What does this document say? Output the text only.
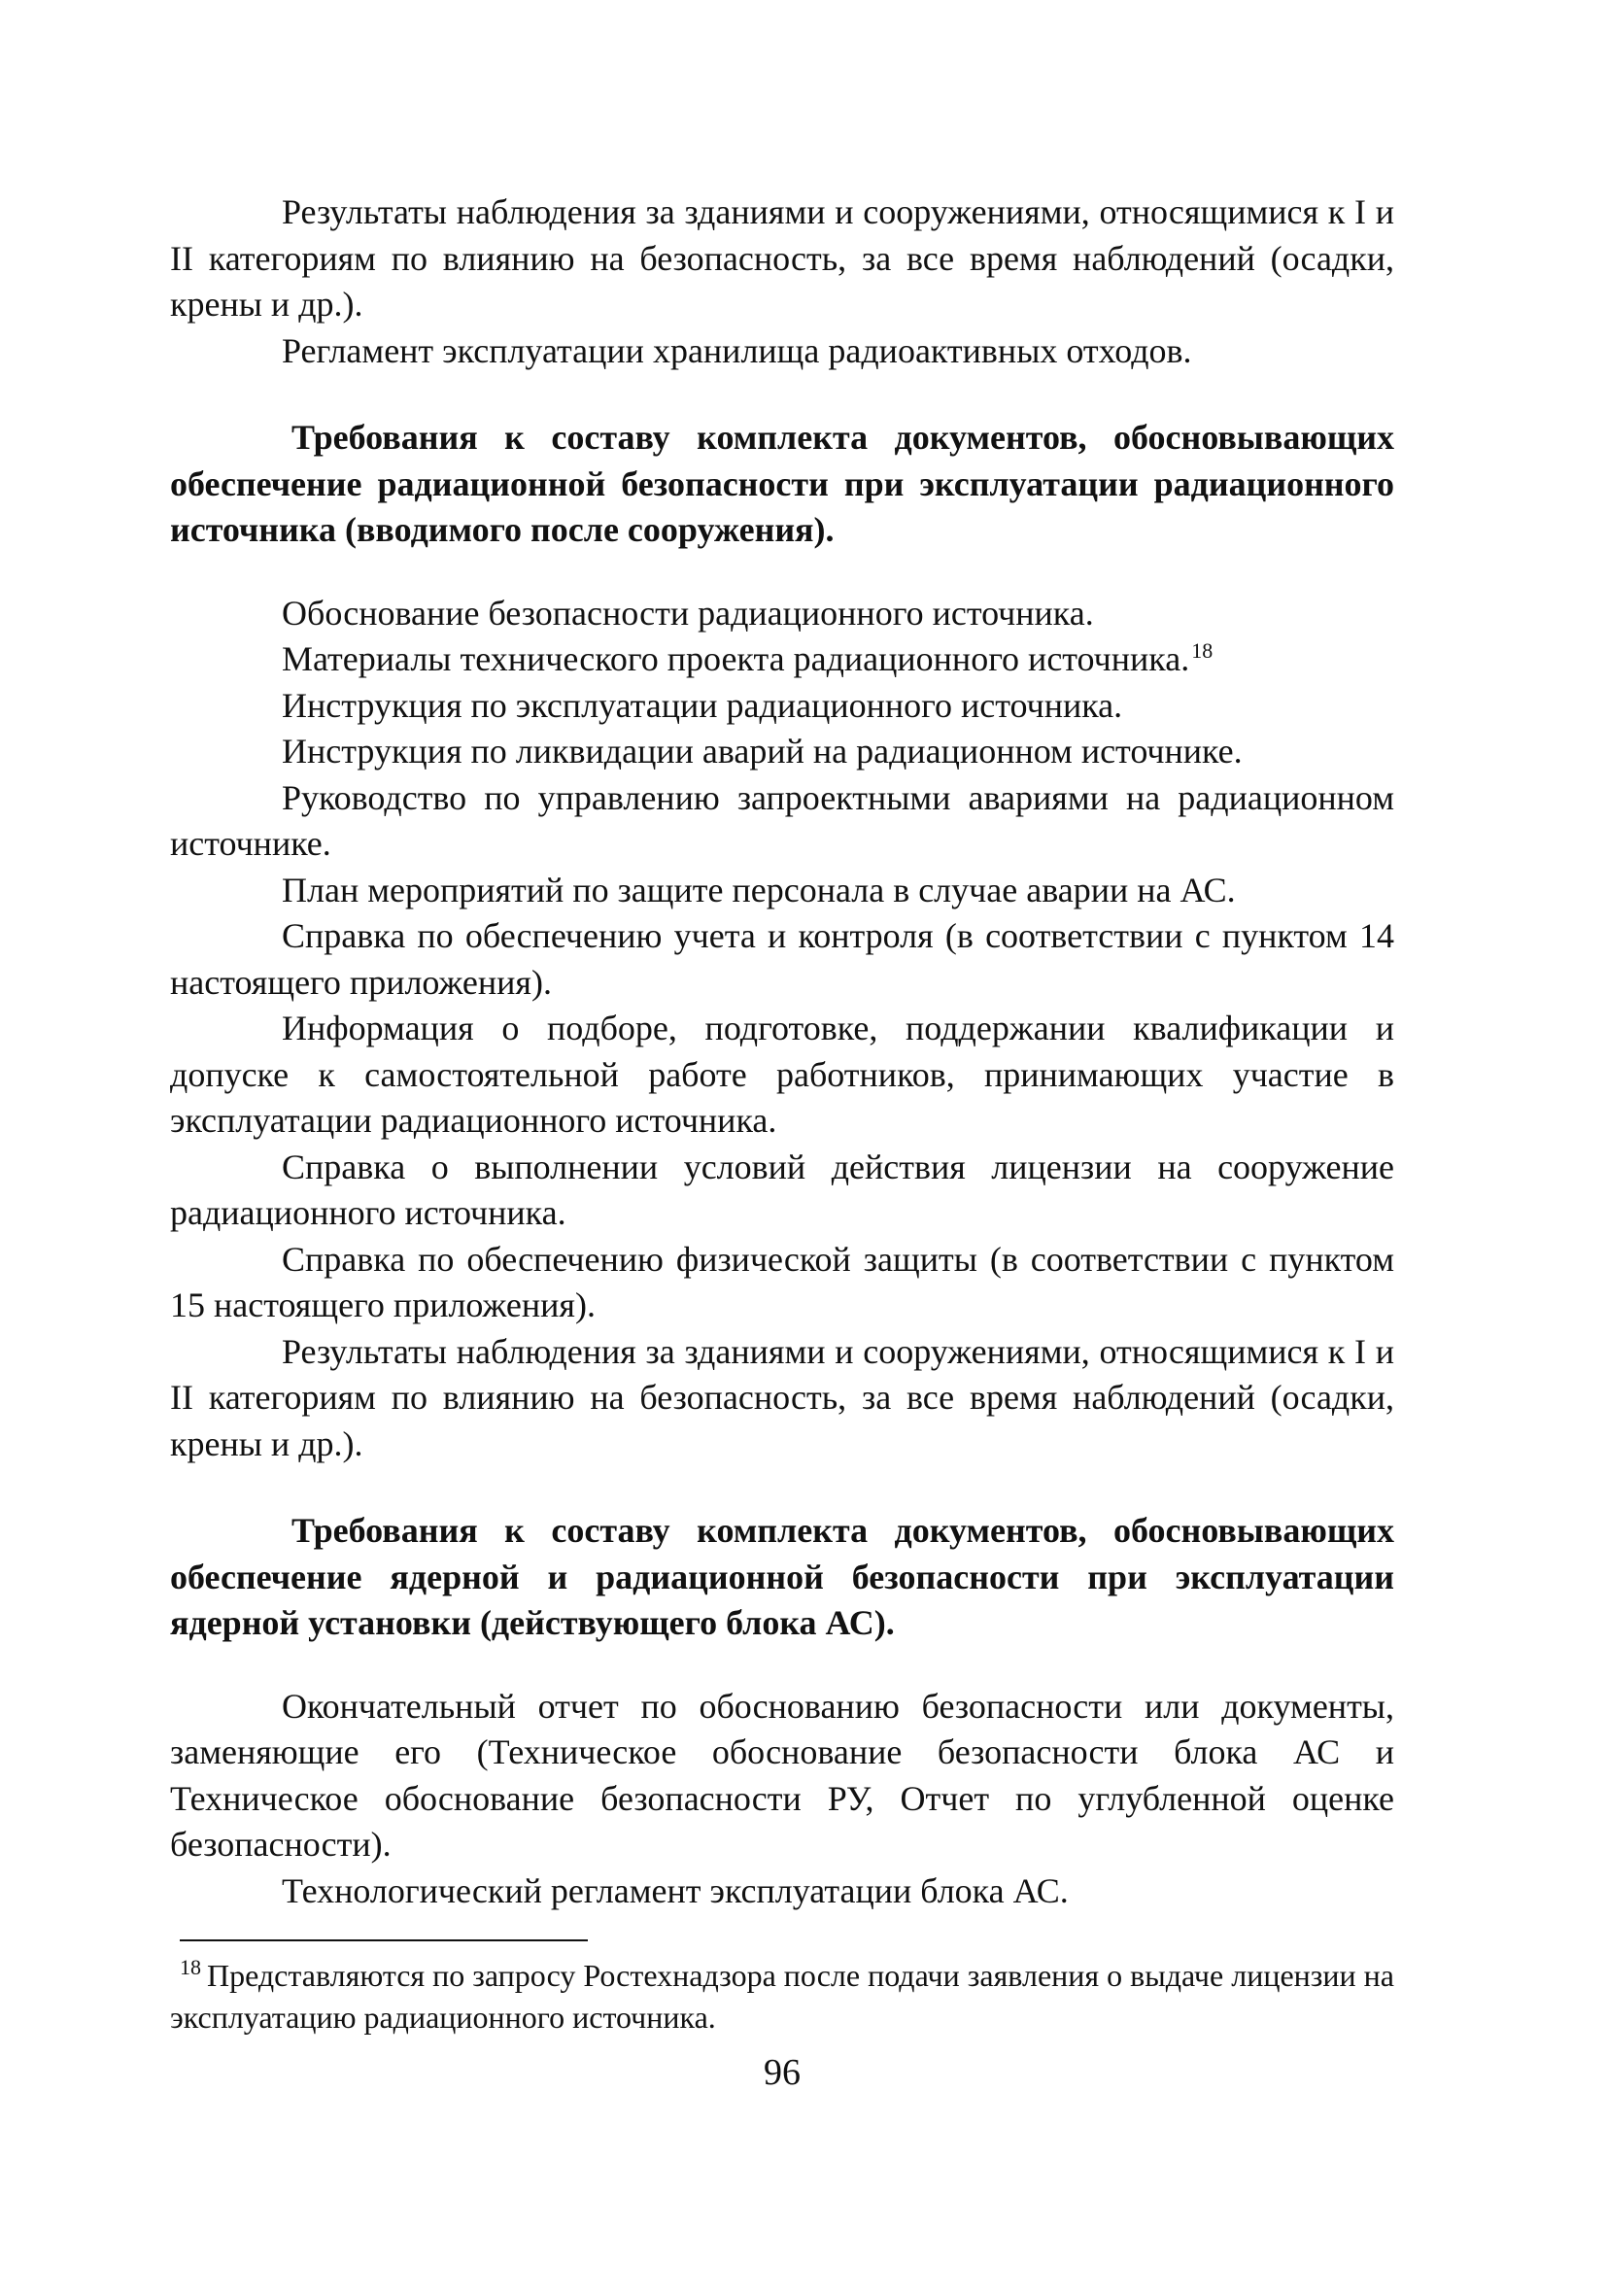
Результаты наблюдения за зданиями и сооружениями, относящимися к I и II категориям по влиянию на безопасность, за все время наблюдений (осадки, крены и др.).

Регламент эксплуатации хранилища радиоактивных отходов.

Требования к составу комплекта документов, обосновывающих обеспечение радиационной безопасности при эксплуатации радиационного источника (вводимого после сооружения).

Обоснование безопасности радиационного источника.

Материалы технического проекта радиационного источника.$^{18}$

Инструкция по эксплуатации радиационного источника.

Инструкция по ликвидации аварий на радиационном источнике.

Руководство по управлению запроектными авариями на радиационном источнике.

План мероприятий по защите персонала в случае аварии на АС.

Справка по обеспечению учета и контроля (в соответствии с пунктом 14 настоящего приложения).

Информация о подборе, подготовке, поддержании квалификации и допуске к самостоятельной работе работников, принимающих участие в эксплуатации радиационного источника.

Справка о выполнении условий действия лицензии на сооружение радиационного источника.

Справка по обеспечению физической защиты (в соответствии с пунктом 15 настоящего приложения).

Результаты наблюдения за зданиями и сооружениями, относящимися к I и II категориям по влиянию на безопасность, за все время наблюдений (осадки, крены и др.).

Требования к составу комплекта документов, обосновывающих обеспечение ядерной и радиационной безопасности при эксплуатации ядерной установки (действующего блока АС).

Окончательный отчет по обоснованию безопасности или документы, заменяющие его (Техническое обоснование безопасности блока АС и Техническое обоснование безопасности РУ, Отчет по углубленной оценке безопасности).

Технологический регламент эксплуатации блока АС.

$^{18}$ Представляются по запросу Ростехнадзора после подачи заявления о выдаче лицензии на эксплуатацию радиационного источника.

96
